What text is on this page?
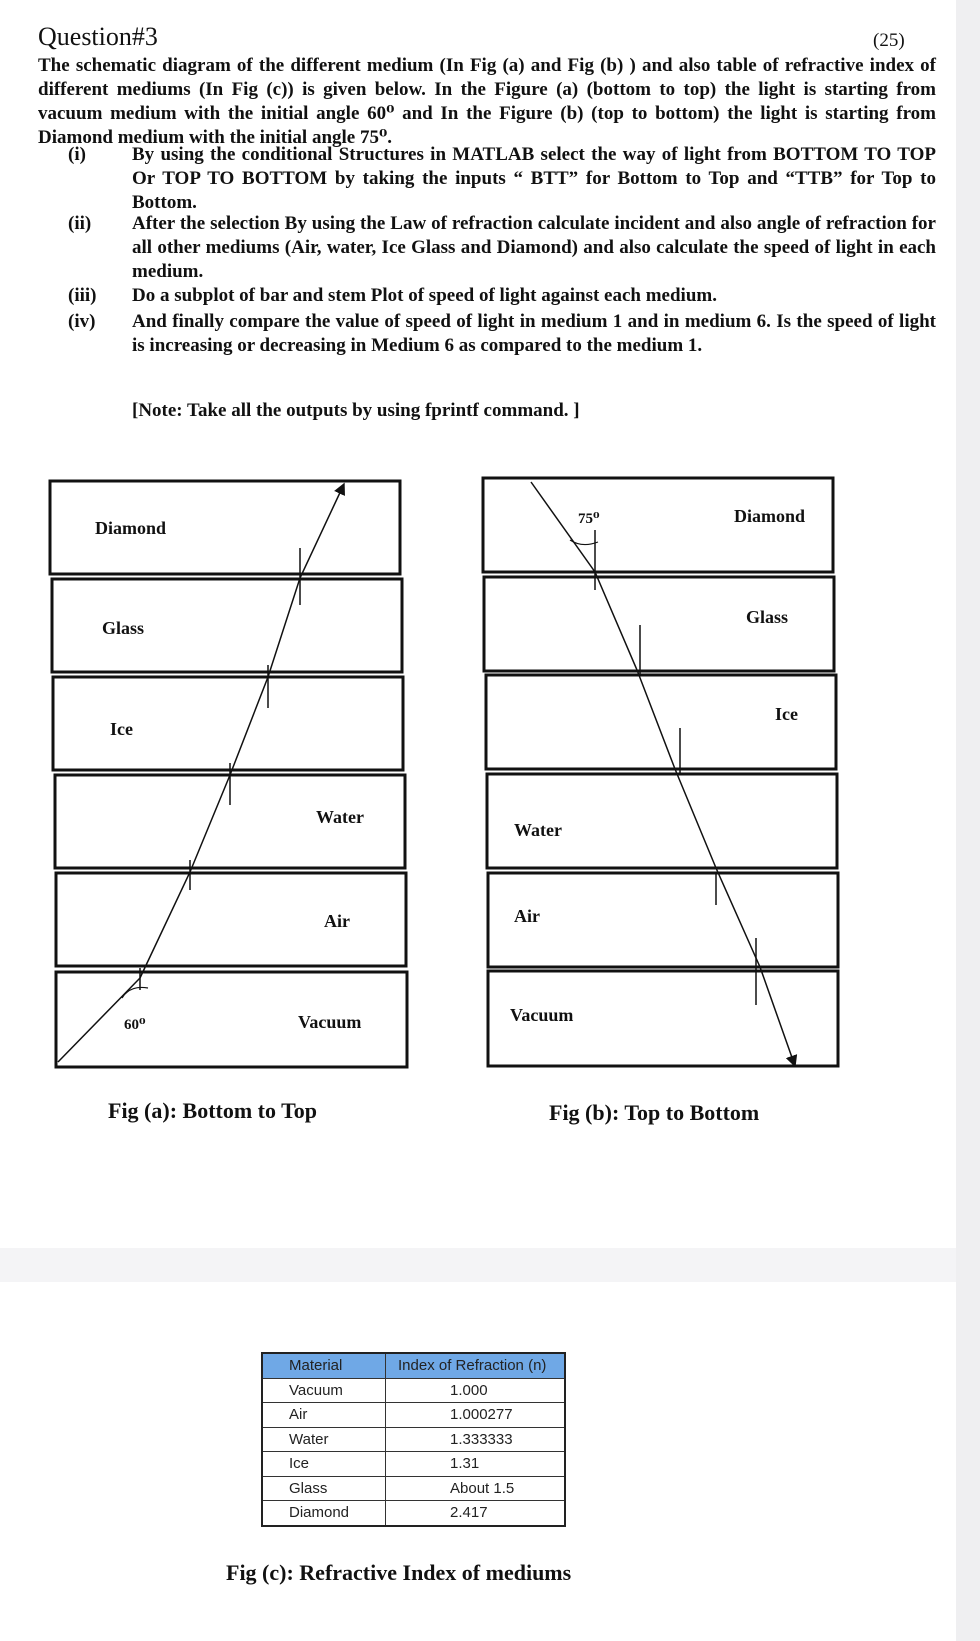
Question#3	(25)
The schematic diagram of the different medium (In Fig (a) and Fig (b) ) and also table of refractive index of different mediums (In Fig (c)) is given below. In the Figure (a) (bottom to top) the light is starting from vacuum medium with the initial angle 60⁰ and In the Figure (b) (top to bottom) the light is starting from Diamond medium with the initial angle 75⁰.
(i) By using the conditional Structures in MATLAB select the way of light from BOTTOM TO TOP Or TOP TO BOTTOM by taking the inputs “ BTT” for Bottom to Top and “TTB” for Top to Bottom.
(ii) After the selection By using the Law of refraction calculate incident and also angle of refraction for all other mediums (Air, water, Ice Glass and Diamond) and also calculate the speed of light in each medium.
(iii) Do a subplot of bar and stem Plot of speed of light against each medium.
(iv) And finally compare the value of speed of light in medium 1 and in medium 6. Is the speed of light is increasing or decreasing in Medium 6 as compared to the medium 1.
[Note: Take all the outputs by using fprintf command. ]
Diamond
Glass
Ice
Water
Air
Vacuum
60⁰
Diamond
Glass
Ice
Water
Air
Vacuum
75⁰
Fig (a): Bottom to Top	Fig (b): Top to Bottom
Material	Index of Refraction (n)
Vacuum	1.000
Air	1.000277
Water	1.333333
Ice	1.31
Glass	About 1.5
Diamond	2.417
Fig (c): Refractive Index of mediums
